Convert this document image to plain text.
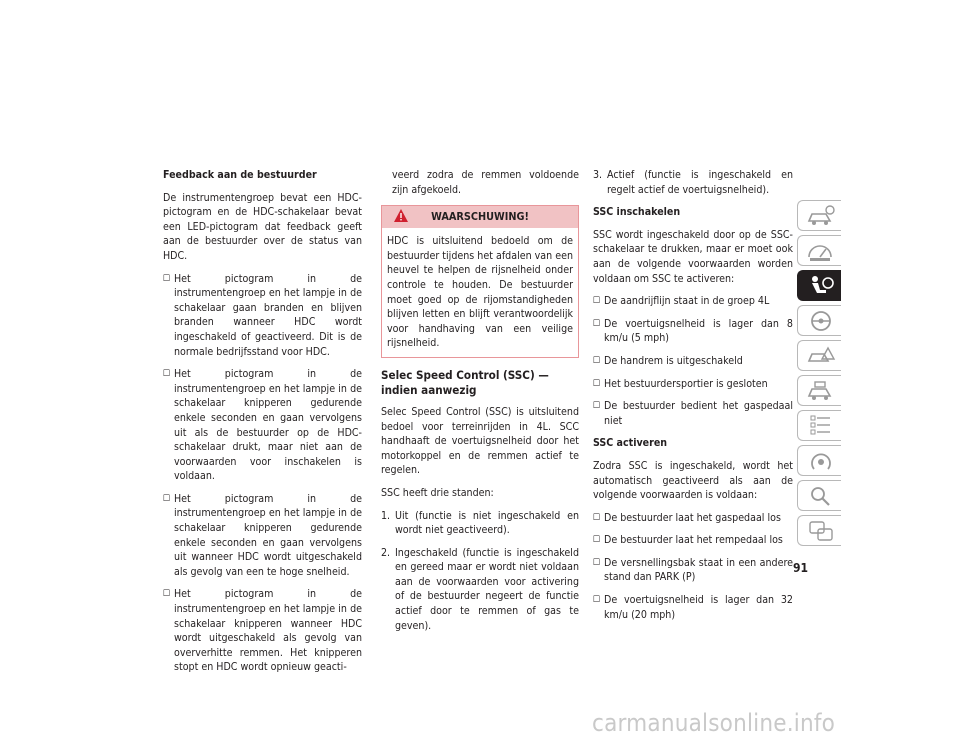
Feedback aan de bestuurder

De instrumentengroep bevat een HDC-pictogram en de HDC-schakelaar bevat een LED-pictogram dat feedback geeft aan de bestuurder over de status van HDC.

☐ Het pictogram in de instrumentengroep en het lampje in de schakelaar gaan branden en blijven branden wanneer HDC wordt ingeschakeld of geactiveerd. Dit is de normale bedrijfsstand voor HDC.
☐ Het pictogram in de instrumentengroep en het lampje in de schakelaar knipperen gedurende enkele seconden en gaan vervolgens uit als de bestuurder op de HDC-schakelaar drukt, maar niet aan de voorwaarden voor inschakelen is voldaan.
☐ Het pictogram in de instrumentengroep en het lampje in de schakelaar knipperen gedurende enkele seconden en gaan vervolgens uit wanneer HDC wordt uitgeschakeld als gevolg van een te hoge snelheid.
☐ Het pictogram in de instrumentengroep en het lampje in de schakelaar knipperen wanneer HDC wordt uitgeschakeld als gevolg van oververhitte remmen. Het knipperen stopt en HDC wordt opnieuw geacti-

veerd zodra de remmen voldoende zijn afgekoeld.

WAARSCHUWING!
HDC is uitsluitend bedoeld om de bestuurder tijdens het afdalen van een heuvel te helpen de rijsnelheid onder controle te houden. De bestuurder moet goed op de rijomstandigheden blijven letten en blijft verantwoordelijk voor handhaving van een veilige rijsnelheid.
Selec Speed Control (SSC) — indien aanwezig

Selec Speed Control (SSC) is uitsluitend bedoel voor terreinrijden in 4L. SCC handhaaft de voertuigsnelheid door het motorkoppel en de remmen actief te regelen.

SSC heeft drie standen:

1. Uit (functie is niet ingeschakeld en wordt niet geactiveerd).
2. Ingeschakeld (functie is ingeschakeld en gereed maar er wordt niet voldaan aan de voorwaarden voor activering of de bestuurder negeert de functie actief door te remmen of gas te geven).
3. Actief (functie is ingeschakeld en regelt actief de voertuigsnelheid).
SSC inschakelen

SSC wordt ingeschakeld door op de SSC-schakelaar te drukken, maar er moet ook aan de volgende voorwaarden worden voldaan om SSC te activeren:

☐ De aandrijflijn staat in de groep 4L
☐ De voertuigsnelheid is lager dan 8 km/u (5 mph)
☐ De handrem is uitgeschakeld
☐ Het bestuurdersportier is gesloten
☐ De bestuurder bedient het gaspedaal niet
SSC activeren

Zodra SSC is ingeschakeld, wordt het automatisch geactiveerd als aan de volgende voorwaarden is voldaan:

☐ De bestuurder laat het gaspedaal los
☐ De bestuurder laat het rempedaal los
☐ De versnellingsbak staat in een andere stand dan PARK (P)
☐ De voertuigsnelheid is lager dan 32 km/u (20 mph)
91
carmanualsonline.info
